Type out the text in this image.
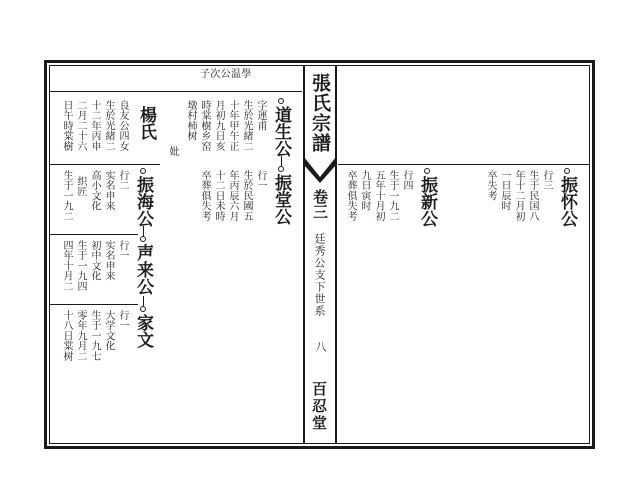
子次公温學	張氏宗譜
卷三
廷秀公支下世系
八
百忍堂
道生公
字運甫
生於光緒二
十年甲午正
月初九日亥
時棠樹乡窑
墩村柿树
妣
振堂公
行一
生於民國五
年丙辰六月
十二日未時
卒葬俱失考
楊氏
良友公四女
生於光緒二
十二年丙申
二月二十六
日午時棠樹
振海公
行二
实名申来
高小文化
织匠
生于一九二
声来公
行一
实名申来
初中文化
生于一九四
四年十月二
家文
行一
大学文化
生于一九七
零年九月二
十八日棠树
振新公
行四
生于一九二
五年十月初
九日寅时
卒葬俱失考	振怀公
行三
生于民国八
年十二月初
一日辰时
卒失考
